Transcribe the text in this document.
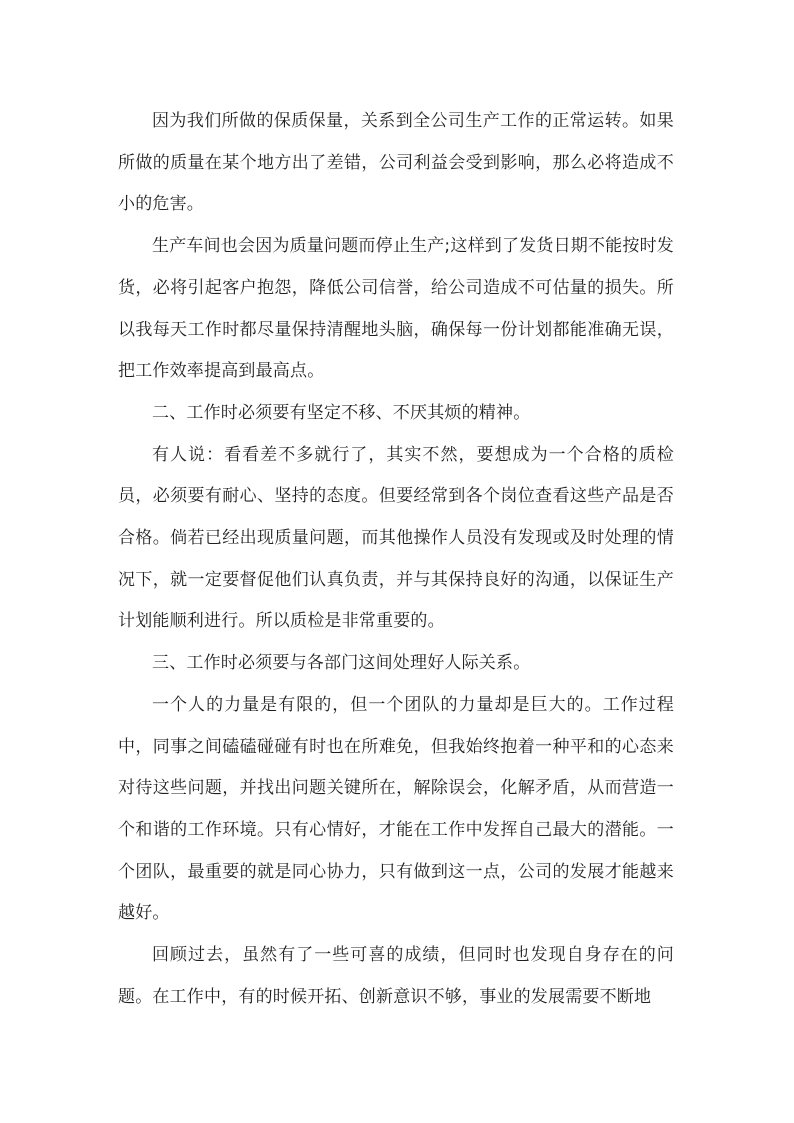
因为我们所做的保质保量，关系到全公司生产工作的正常运转。如果所做的质量在某个地方出了差错，公司利益会受到影响，那么必将造成不小的危害。

生产车间也会因为质量问题而停止生产;这样到了发货日期不能按时发货，必将引起客户抱怨，降低公司信誉，给公司造成不可估量的损失。所以我每天工作时都尽量保持清醒地头脑，确保每一份计划都能准确无误，把工作效率提高到最高点。

二、工作时必须要有坚定不移、不厌其烦的精神。

有人说：看看差不多就行了，其实不然，要想成为一个合格的质检员，必须要有耐心、坚持的态度。但要经常到各个岗位查看这些产品是否合格。倘若已经出现质量问题，而其他操作人员没有发现或及时处理的情况下，就一定要督促他们认真负责，并与其保持良好的沟通，以保证生产计划能顺利进行。所以质检是非常重要的。

三、工作时必须要与各部门这间处理好人际关系。

一个人的力量是有限的，但一个团队的力量却是巨大的。工作过程中，同事之间磕磕碰碰有时也在所难免，但我始终抱着一种平和的心态来对待这些问题，并找出问题关键所在，解除误会，化解矛盾，从而营造一个和谐的工作环境。只有心情好，才能在工作中发挥自己最大的潜能。一个团队，最重要的就是同心协力，只有做到这一点，公司的发展才能越来越好。

回顾过去，虽然有了一些可喜的成绩，但同时也发现自身存在的问题。在工作中，有的时候开拓、创新意识不够，事业的发展需要不断地
